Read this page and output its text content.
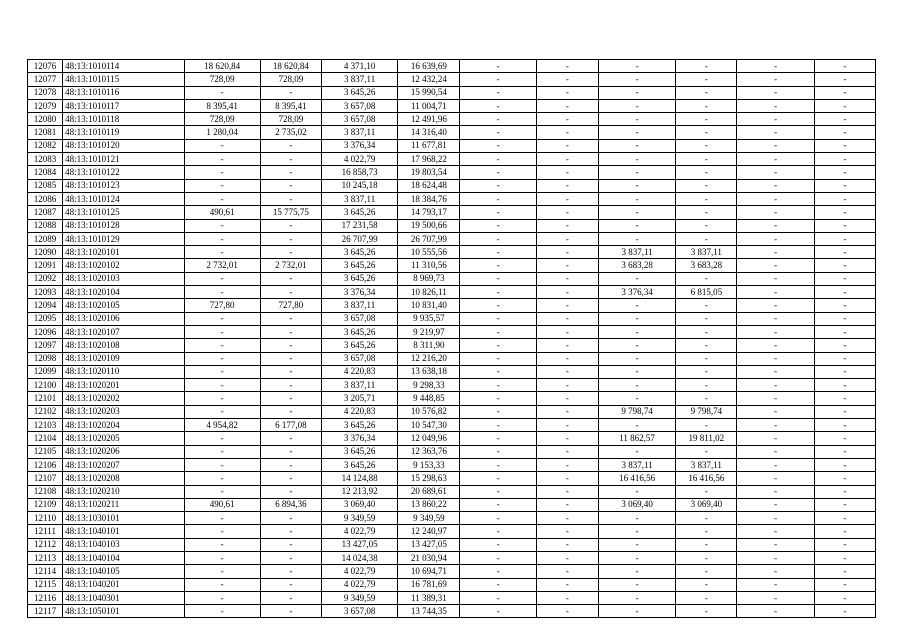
12076	48:13:1010114	18 620,84	18 620,84	4 371,10	16 639,69	-	-	-	-	-	-
12077	48:13:1010115	728,09	728,09	3 837,11	12 432,24	-	-	-	-	-	-
12078	48:13:1010116	-	-	3 645,26	15 990,54	-	-	-	-	-	-
12079	48:13:1010117	8 395,41	8 395,41	3 657,08	11 004,71	-	-	-	-	-	-
12080	48:13:1010118	728,09	728,09	3 657,08	12 491,96	-	-	-	-	-	-
12081	48:13:1010119	1 280,04	2 735,02	3 837,11	14 316,40	-	-	-	-	-	-
12082	48:13:1010120	-	-	3 376,34	11 677,81	-	-	-	-	-	-
12083	48:13:1010121	-	-	4 022,79	17 968,22	-	-	-	-	-	-
12084	48:13:1010122	-	-	16 858,73	19 803,54	-	-	-	-	-	-
12085	48:13:1010123	-	-	10 245,18	18 624,48	-	-	-	-	-	-
12086	48:13:1010124	-	-	3 837,11	18 384,76	-	-	-	-	-	-
12087	48:13:1010125	490,61	15 775,75	3 645,26	14 793,17	-	-	-	-	-	-
12088	48:13:1010128	-	-	17 231,58	19 500,66	-	-	-	-	-	-
12089	48:13:1010129	-	-	26 707,99	26 707,99	-	-	-	-	-	-
12090	48:13:1020101	-	-	3 645,26	10 555,56	-	-	3 837,11	3 837,11	-	-
12091	48:13:1020102	2 732,01	2 732,01	3 645,26	11 310,56	-	-	3 683,28	3 683,28	-	-
12092	48:13:1020103	-	-	3 645,26	8 969,73	-	-	-	-	-	-
12093	48:13:1020104	-	-	3 376,34	10 826,11	-	-	3 376,34	6 815,05	-	-
12094	48:13:1020105	727,80	727,80	3 837,11	10 831,40	-	-	-	-	-	-
12095	48:13:1020106	-	-	3 657,08	9 935,57	-	-	-	-	-	-
12096	48:13:1020107	-	-	3 645,26	9 219,97	-	-	-	-	-	-
12097	48:13:1020108	-	-	3 645,26	8 311,90	-	-	-	-	-	-
12098	48:13:1020109	-	-	3 657,08	12 216,20	-	-	-	-	-	-
12099	48:13:1020110	-	-	4 220,83	13 638,18	-	-	-	-	-	-
12100	48:13:1020201	-	-	3 837,11	9 298,33	-	-	-	-	-	-
12101	48:13:1020202	-	-	3 205,71	9 448,85	-	-	-	-	-	-
12102	48:13:1020203	-	-	4 220,83	10 576,82	-	-	9 798,74	9 798,74	-	-
12103	48:13:1020204	4 954,82	6 177,08	3 645,26	10 547,30	-	-	-	-	-	-
12104	48:13:1020205	-	-	3 376,34	12 049,96	-	-	11 862,57	19 811,02	-	-
12105	48:13:1020206	-	-	3 645,26	12 363,76	-	-	-	-	-	-
12106	48:13:1020207	-	-	3 645,26	9 153,33	-	-	3 837,11	3 837,11	-	-
12107	48:13:1020208	-	-	14 124,88	15 298,63	-	-	16 416,56	16 416,56	-	-
12108	48:13:1020210	-	-	12 213,92	20 689,61	-	-	-	-	-	-
12109	48:13:1020211	490,61	6 894,36	3 069,40	13 860,22	-	-	3 069,40	3 069,40	-	-
12110	48:13:1030101	-	-	9 349,59	9 349,59	-	-	-	-	-	-
12111	48:13:1040101	-	-	4 022,79	12 240,97	-	-	-	-	-	-
12112	48:13:1040103	-	-	13 427,05	13 427,05	-	-	-	-	-	-
12113	48:13:1040104	-	-	14 024,38	21 030,94	-	-	-	-	-	-
12114	48:13:1040105	-	-	4 022,79	10 694,71	-	-	-	-	-	-
12115	48:13:1040201	-	-	4 022,79	16 781,69	-	-	-	-	-	-
12116	48:13:1040301	-	-	9 349,59	11 389,31	-	-	-	-	-	-
12117	48:13:1050101	-	-	3 657,08	13 744,35	-	-	-	-	-	-
